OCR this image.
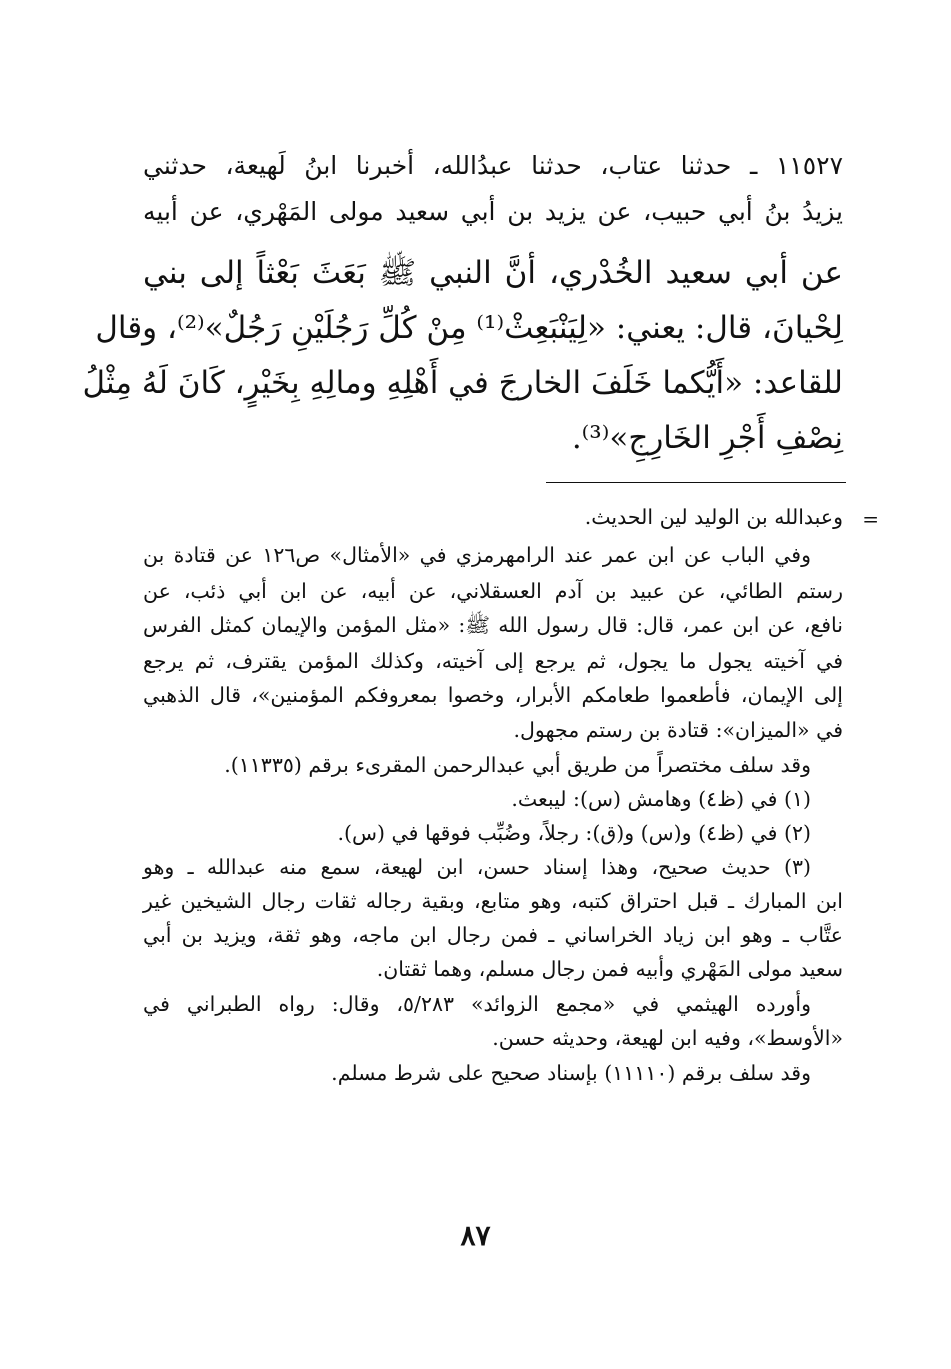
١١٥٢٧ ـ حدثنا عتاب، حدثنا عبدُالله، أخبرنا ابنُ لَهيعة، حدثني
يزيدُ بنُ أبي حبيب، عن يزيد بن أبي سعيد مولى المَهْري، عن أبيه
عن أبي سعيد الخُدْري، أنَّ النبي ﷺ بَعَثَ بَعْثاً إلى بني
لِحْيانَ، قال: يعني: «لِيَنْبَعِثْ⁽¹⁾ مِنْ كُلِّ رَجُلَيْنِ رَجُلٌ»⁽²⁾، وقال
للقاعد: «أَيُّكما خَلَفَ الخارجَ في أَهْلِهِ ومالِهِ بِخَيْرٍ، كَانَ لَهُ مِثْلُ
نِصْفِ أَجْرِ الخَارِجِ»⁽³⁾.
=
وعبدالله بن الوليد لين الحديث.
وفي الباب عن ابن عمر عند الرامهرمزي في «الأمثال» ص١٢٦ عن قتادة بن
رستم الطائي، عن عبيد بن آدم العسقلاني، عن أبيه، عن ابن أبي ذئب، عن
نافع، عن ابن عمر، قال: قال رسول الله ﷺ: «مثل المؤمن والإيمان كمثل الفرس
في آخيته يجول ما يجول، ثم يرجع إلى آخيته، وكذلك المؤمن يقترف، ثم يرجع
إلى الإيمان، فأطعموا طعامكم الأبرار، وخصوا بمعروفكم المؤمنين»، قال الذهبي
في «الميزان»: قتادة بن رستم مجهول.
وقد سلف مختصراً من طريق أبي عبدالرحمن المقرىء برقم (١١٣٣٥).
(١) في (ظ٤) وهامش (س): ليبعث.
(٢) في (ظ٤) و(س) و(ق): رجلاً، وضُبِّب فوقها في (س).
(٣) حديث صحيح، وهذا إسناد حسن، ابن لهيعة، سمع منه عبدالله ـ وهو
ابن المبارك ـ قبل احتراق كتبه، وهو متابع، وبقية رجاله ثقات رجال الشيخين غير
عتَّاب ـ وهو ابن زياد الخراساني ـ فمن رجال ابن ماجه، وهو ثقة، ويزيد بن أبي
سعيد مولى المَهْري وأبيه فمن رجال مسلم، وهما ثقتان.
وأورده الهيثمي في «مجمع الزوائد» ٥/٢٨٣، وقال: رواه الطبراني في
«الأوسط»، وفيه ابن لهيعة، وحديثه حسن.
وقد سلف برقم (١١١١٠) بإسناد صحيح على شرط مسلم.
٨٧
